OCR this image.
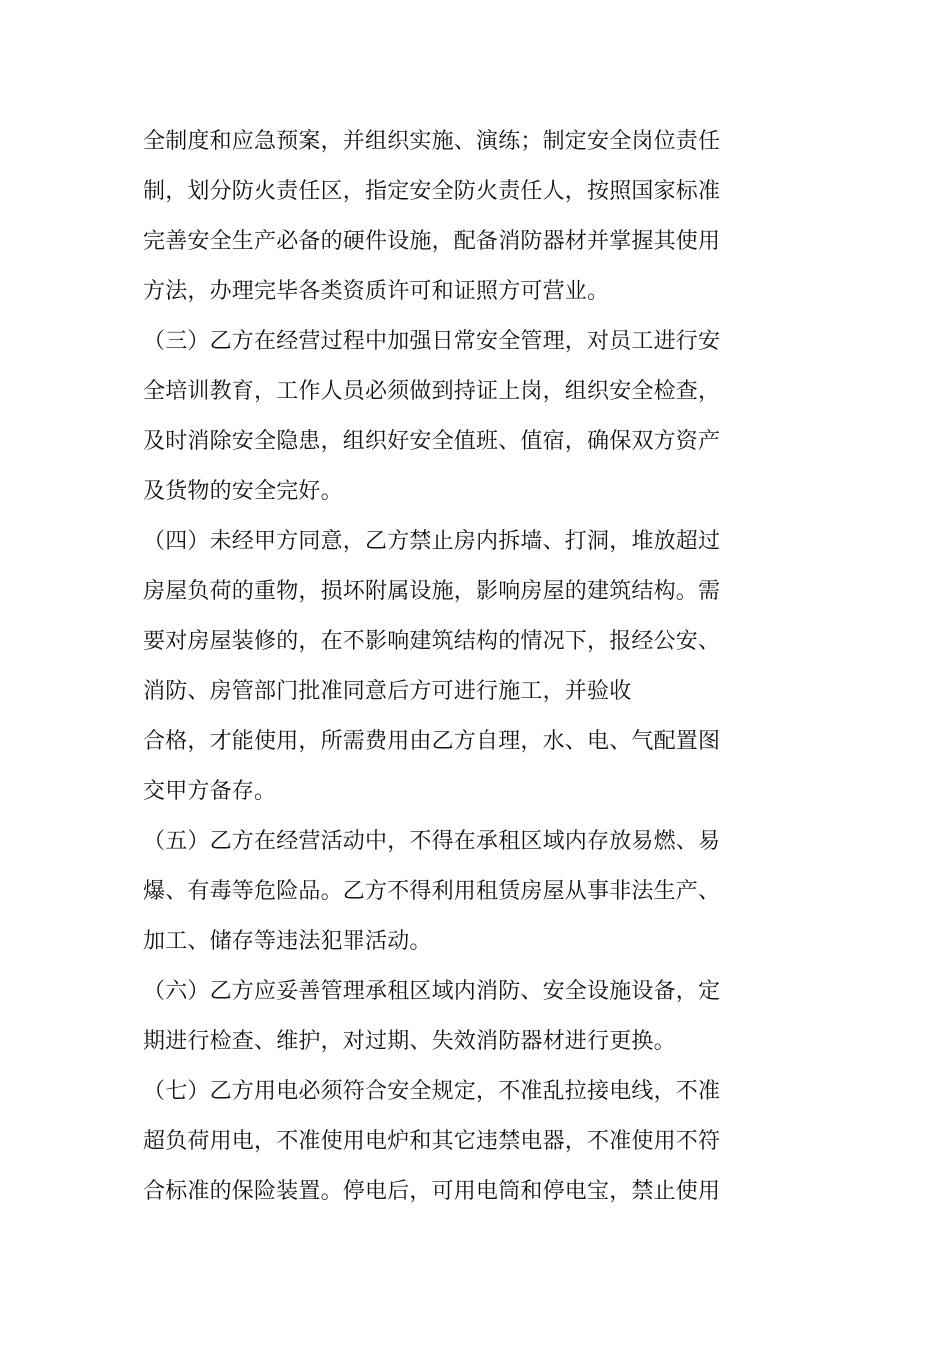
全制度和应急预案，并组织实施、演练；制定安全岗位责任
制，划分防火责任区，指定安全防火责任人，按照国家标准
完善安全生产必备的硬件设施，配备消防器材并掌握其使用
方法，办理完毕各类资质许可和证照方可营业。
（三）乙方在经营过程中加强日常安全管理，对员工进行安
全培训教育，工作人员必须做到持证上岗，组织安全检查，
及时消除安全隐患，组织好安全值班、值宿，确保双方资产
及货物的安全完好。
（四）未经甲方同意，乙方禁止房内拆墙、打洞，堆放超过
房屋负荷的重物，损坏附属设施，影响房屋的建筑结构。需
要对房屋装修的，在不影响建筑结构的情况下，报经公安、
消防、房管部门批准同意后方可进行施工，并验收
合格，才能使用，所需费用由乙方自理，水、电、气配置图
交甲方备存。
（五）乙方在经营活动中，不得在承租区域内存放易燃、易
爆、有毒等危险品。乙方不得利用租赁房屋从事非法生产、
加工、储存等违法犯罪活动。
（六）乙方应妥善管理承租区域内消防、安全设施设备，定
期进行检查、维护，对过期、失效消防器材进行更换。
（七）乙方用电必须符合安全规定，不准乱拉接电线，不准
超负荷用电，不准使用电炉和其它违禁电器，不准使用不符
合标准的保险装置。停电后，可用电筒和停电宝，禁止使用
